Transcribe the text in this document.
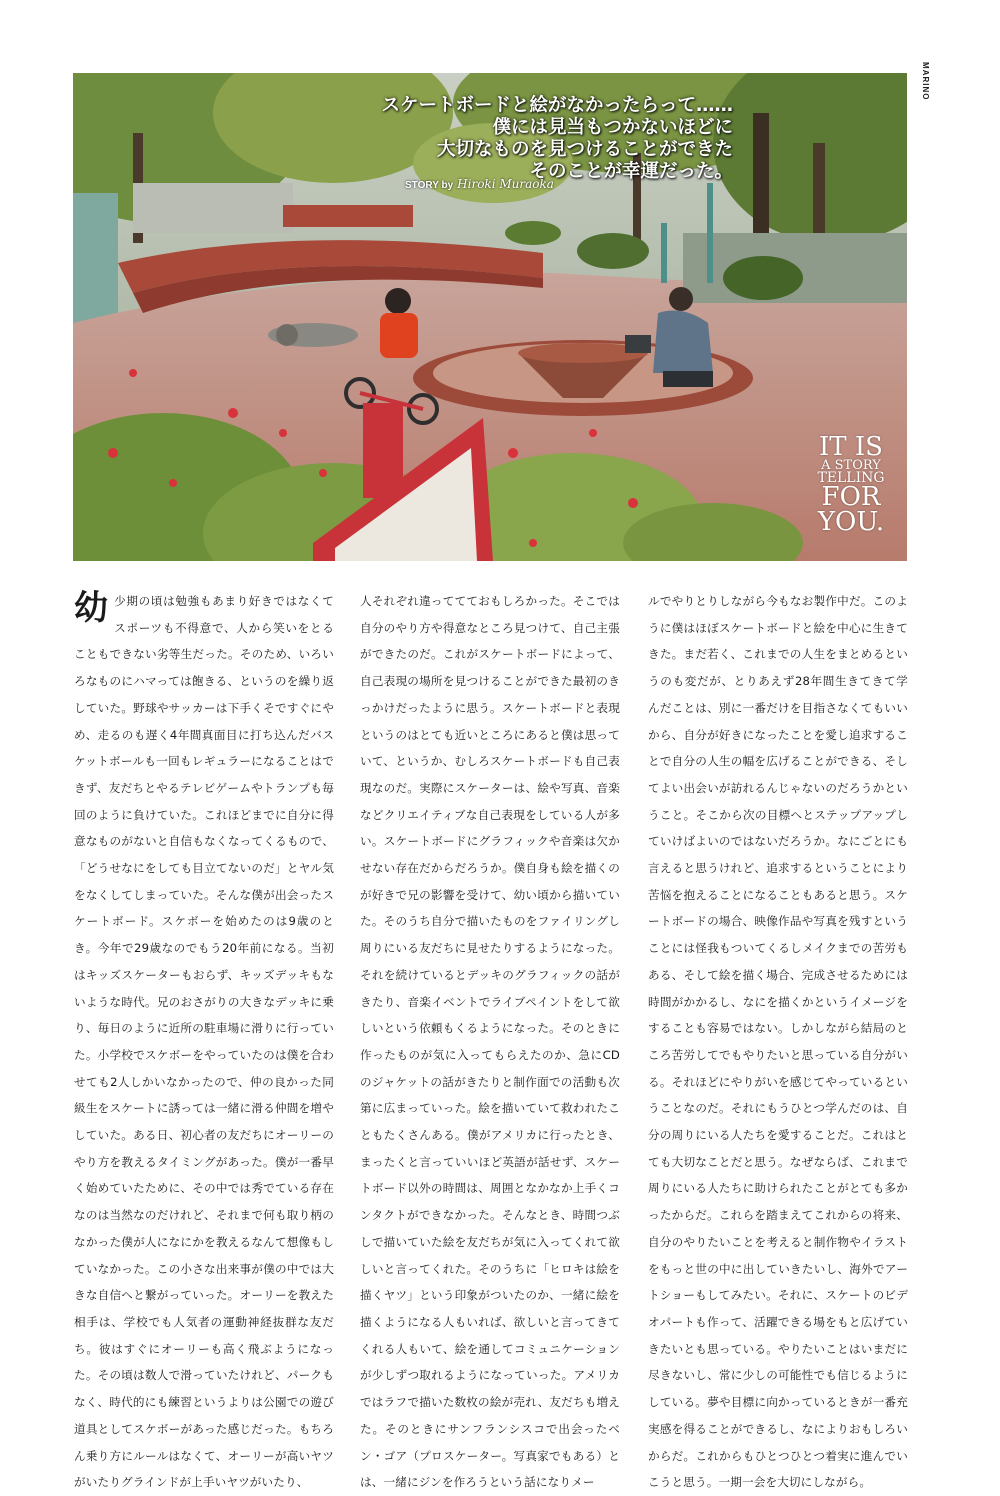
MARINO
スケートボードと絵がなかったらって……
僕には見当もつかないほどに
大切なものを見つけることができた
そのことが幸運だった。
STORY by Hiroki Muraoka
IT IS
A STORY
TELLING
FOR
YOU.
幼少期の頃は勉強もあまり好きではなくてスポーツも不得意で、人から笑いをとることもできない劣等生だった。そのため、いろいろなものにハマっては飽きる、というのを繰り返していた。野球やサッカーは下手くそですぐにやめ、走るのも遅く4年間真面目に打ち込んだバスケットボールも一回もレギュラーになることはできず、友だちとやるテレビゲームやトランプも毎回のように負けていた。これほどまでに自分に得意なものがないと自信もなくなってくるもので、「どうせなにをしても目立てないのだ」とヤル気をなくしてしまっていた。そんな僕が出会ったスケートボード。スケボーを始めたのは9歳のとき。今年で29歳なのでもう20年前になる。当初はキッズスケーターもおらず、キッズデッキもないような時代。兄のおさがりの大きなデッキに乗り、毎日のように近所の駐車場に滑りに行っていた。小学校でスケボーをやっていたのは僕を合わせても2人しかいなかったので、仲の良かった同級生をスケートに誘っては一緒に滑る仲間を増やしていた。ある日、初心者の友だちにオーリーのやり方を教えるタイミングがあった。僕が一番早く始めていたために、その中では秀でている存在なのは当然なのだけれど、それまで何も取り柄のなかった僕が人になにかを教えるなんて想像もしていなかった。この小さな出来事が僕の中では大きな自信へと繋がっていった。オーリーを教えた相手は、学校でも人気者の運動神経抜群な友だち。彼はすぐにオーリーも高く飛ぶようになった。その頃は数人で滑っていたけれど、パークもなく、時代的にも練習というよりは公園での遊び道具としてスケボーがあった感じだった。もちろん乗り方にルールはなくて、オーリーが高いヤツがいたりグラインドが上手いヤツがいたり、
人それぞれ違っててておもしろかった。そこでは自分のやり方や得意なところ見つけて、自己主張ができたのだ。これがスケートボードによって、自己表現の場所を見つけることができた最初のきっかけだったように思う。スケートボードと表現というのはとても近いところにあると僕は思っていて、というか、むしろスケートボードも自己表現なのだ。実際にスケーターは、絵や写真、音楽などクリエイティブな自己表現をしている人が多い。スケートボードにグラフィックや音楽は欠かせない存在だからだろうか。僕自身も絵を描くのが好きで兄の影響を受けて、幼い頃から描いていた。そのうち自分で描いたものをファイリングし周りにいる友だちに見せたりするようになった。それを続けているとデッキのグラフィックの話がきたり、音楽イベントでライブペイントをして欲しいという依頼もくるようになった。そのときに作ったものが気に入ってもらえたのか、急にCDのジャケットの話がきたりと制作面での活動も次第に広まっていった。絵を描いていて救われたこともたくさんある。僕がアメリカに行ったとき、まったくと言っていいほど英語が話せず、スケートボード以外の時間は、周囲となかなか上手くコンタクトができなかった。そんなとき、時間つぶしで描いていた絵を友だちが気に入ってくれて欲しいと言ってくれた。そのうちに「ヒロキは絵を描くヤツ」という印象がついたのか、一緒に絵を描くようになる人もいれば、欲しいと言ってきてくれる人もいて、絵を通してコミュニケーションが少しずつ取れるようになっていった。アメリカではラフで描いた数枚の絵が売れ、友だちも増えた。そのときにサンフランシスコで出会ったベン・ゴア（プロスケーター。写真家でもある）とは、一緒にジンを作ろうという話になりメー
ルでやりとりしながら今もなお製作中だ。このように僕はほぼスケートボードと絵を中心に生きてきた。まだ若く、これまでの人生をまとめるというのも変だが、とりあえず28年間生きてきて学んだことは、別に一番だけを目指さなくてもいいから、自分が好きになったことを愛し追求することで自分の人生の幅を広げることができる、そしてよい出会いが訪れるんじゃないのだろうかということ。そこから次の目標へとステップアップしていけばよいのではないだろうか。なにごとにも言えると思うけれど、追求するということにより苦悩を抱えることになることもあると思う。スケートボードの場合、映像作品や写真を残すということには怪我もついてくるしメイクまでの苦労もある、そして絵を描く場合、完成させるためには時間がかかるし、なにを描くかというイメージをすることも容易ではない。しかしながら結局のところ苦労してでもやりたいと思っている自分がいる。それほどにやりがいを感じてやっているということなのだ。それにもうひとつ学んだのは、自分の周りにいる人たちを愛することだ。これはとても大切なことだと思う。なぜならば、これまで周りにいる人たちに助けられたことがとても多かったからだ。これらを踏まえてこれからの将来、自分のやりたいことを考えると制作物やイラストをもっと世の中に出していきたいし、海外でアートショーもしてみたい。それに、スケートのビデオパートも作って、活躍できる場をもと広げていきたいとも思っている。やりたいことはいまだに尽きないし、常に少しの可能性でも信じるようにしている。夢や目標に向かっているときが一番充実感を得ることができるし、なによりおもしろいからだ。これからもひとつひとつ着実に進んでいこうと思う。一期一会を大切にしながら。
